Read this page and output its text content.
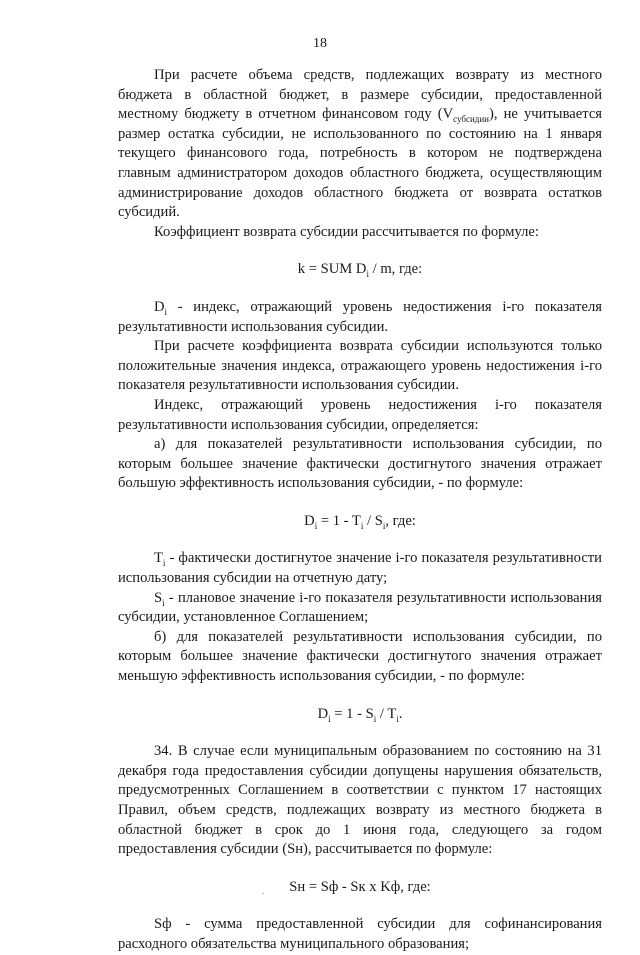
18

При расчете объема средств, подлежащих возврату из местного бюджета в областной бюджет, в размере субсидии, предоставленной местному бюджету в отчетном финансовом году $(V_{субсидии})$, не учитывается размер остатка субсидии, не использованного по состоянию на 1 января текущего финансового года, потребность в котором не подтверждена главным администратором доходов областного бюджета, осуществляющим администрирование доходов областного бюджета от возврата остатков субсидий.

Коэффициент возврата субсидии рассчитывается по формуле:

k = SUM $D_i$ / m, где:

$D_i$ - индекс, отражающий уровень недостижения i-го показателя результативности использования субсидии.

При расчете коэффициента возврата субсидии используются только положительные значения индекса, отражающего уровень недостижения i-го показателя результативности использования субсидии.

Индекс, отражающий уровень недостижения i-го показателя результативности использования субсидии, определяется:

а) для показателей результативности использования субсидии, по которым большее значение фактически достигнутого значения отражает большую эффективность использования субсидии, - по формуле:

$D_i = 1 - T_i / S_i$, где:

$T_i$ - фактически достигнутое значение i-го показателя результативности использования субсидии на отчетную дату;

$S_i$ - плановое значение i-го показателя результативности использования субсидии, установленное Соглашением;

б) для показателей результативности использования субсидии, по которым большее значение фактически достигнутого значения отражает меньшую эффективность использования субсидии, - по формуле:

$D_i = 1 - S_i / T_i$.

34. В случае если муниципальным образованием по состоянию на 31 декабря года предоставления субсидии допущены нарушения обязательств, предусмотренных Соглашением в соответствии с пунктом 17 настоящих Правил, объем средств, подлежащих возврату из местного бюджета в областной бюджет в срок до 1 июня года, следующего за годом предоставления субсидии (Sн), рассчитывается по формуле:

Sн = Sф - Sк x Kф, где:

Sф - сумма предоставленной субсидии для софинансирования расходного обязательства муниципального образования;
